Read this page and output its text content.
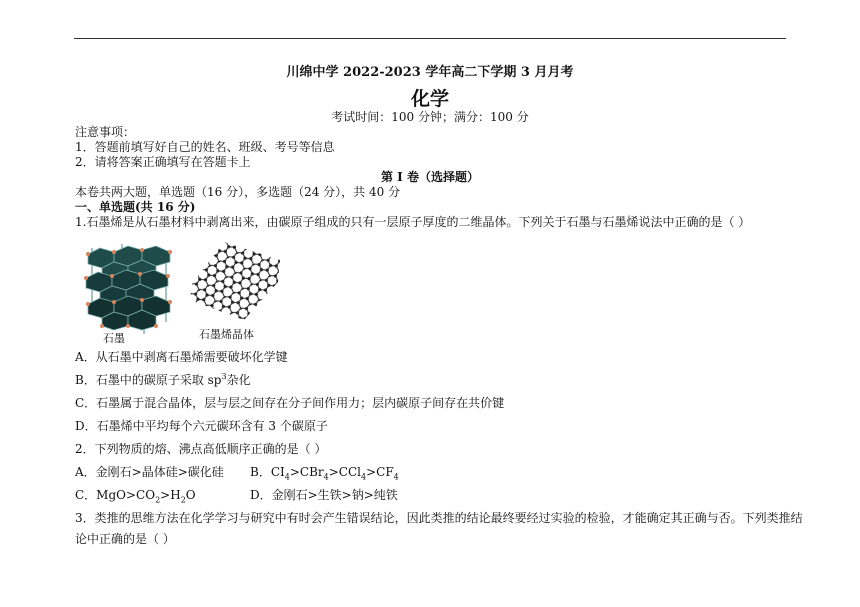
川绵中学 2022-2023 学年高二下学期 3 月月考
化学
考试时间：100 分钟；满分：100 分
注意事项：
1．答题前填写好自己的姓名、班级、考号等信息
2．请将答案正确填写在答题卡上
第 I 卷（选择题）
本卷共两大题，单选题（16 分），多选题（24 分），共 40 分
一、单选题(共 16 分)
1.石墨烯是从石墨材料中剥离出来，由碳原子组成的只有一层原子厚度的二维晶体。下列关于石墨与石墨烯说法中正确的是（ ）
石墨	石墨烯晶体
A．从石墨中剥离石墨烯需要破坏化学键
B．石墨中的碳原子采取 $sp^3$杂化
C．石墨属于混合晶体，层与层之间存在分子间作用力；层内碳原子间存在共价键
D．石墨烯中平均每个六元碳环含有 3 个碳原子
2．下列物质的熔、沸点高低顺序正确的是（ ）
A．金刚石>晶体硅>碳化硅 B．$CI_4>CBr_4>CCl_4>CF_4$
C．$MgO>CO_2>H_2O$	D．金刚石>生铁>钠>纯铁
3．类推的思维方法在化学学习与研究中有时会产生错误结论，因此类推的结论最终要经过实验的检验，才能确定其正确与否。下列类推结
论中正确的是（ ）
